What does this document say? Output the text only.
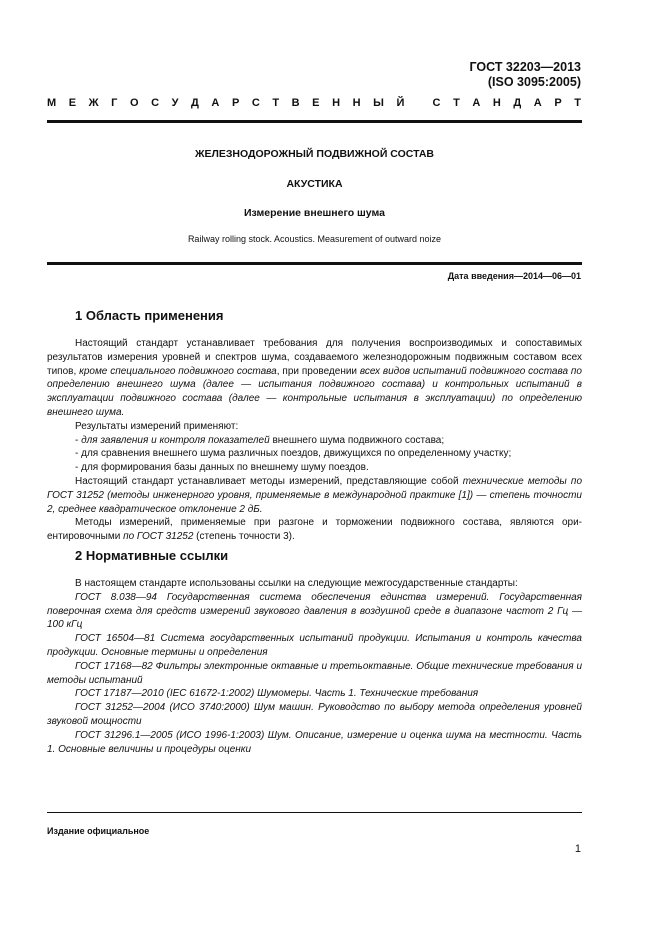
ГОСТ 32203—2013
(ISO 3095:2005)
М Е Ж Г О С У Д А Р С Т В Е Н Н Ы Й
	С Т А Н Д А Р Т
ЖЕЛЕЗНОДОРОЖНЫЙ ПОДВИЖНОЙ СОСТАВ
АКУСТИКА
Измерение внешнего шума
Railway rolling stock. Acoustics. Measurement of outward noize
Дата введения—2014—06—01
1 Область применения

Настоящий стандарт устанавливает требования для получения воспроизводимых и сопоставимых результатов измерения уровней и спектров шума, создаваемого железнодорожным подвижным составом всех типов, кроме специального подвижного состава, при проведении всех видов испытаний подвижного состава по определению внешнего шума (далее — испытания подвижного состава) и контрольных испытаний в эксплуатации подвижного состава (далее — контрольные испытания в эксплуатации) по определению внешнего шума.

Результаты измерений применяют:

- для заявления и контроля показателей внешнего шума подвижного состава;

- для сравнения внешнего шума различных поездов, движущихся по определенному участку;

- для формирования базы данных по внешнему шуму поездов.

Настоящий стандарт устанавливает методы измерений, представляющие собой технические методы по ГОСТ 31252 (методы инженерного уровня, применяемые в международной практике [1]) — степень точности 2, среднее квадратическое отклонение 2 дБ.

Методы измерений, применяемые при разгоне и торможении подвижного состава, являются ориентировочными по ГОСТ 31252 (степень точности 3).

2 Нормативные ссылки

В настоящем стандарте использованы ссылки на следующие межгосударственные стандарты:

ГОСТ 8.038—94 Государственная система обеспечения единства измерений. Государственная поверочная схема для средств измерений звукового давления в воздушной среде в диапазоне частот 2 Гц — 100 кГц

ГОСТ 16504—81 Система государственных испытаний продукции. Испытания и контроль качества продукции. Основные термины и определения

ГОСТ 17168—82 Фильтры электронные октавные и третьоктавные. Общие технические требования и методы испытаний

ГОСТ 17187—2010 (IEC 61672-1:2002) Шумомеры. Часть 1. Технические требования

ГОСТ 31252—2004 (ИСО 3740:2000) Шум машин. Руководство по выбору метода определения уровней звуковой мощности

ГОСТ 31296.1—2005 (ИСО 1996-1:2003) Шум. Описание, измерение и оценка шума на местности. Часть 1. Основные величины и процедуры оценки

Издание официальное
1
